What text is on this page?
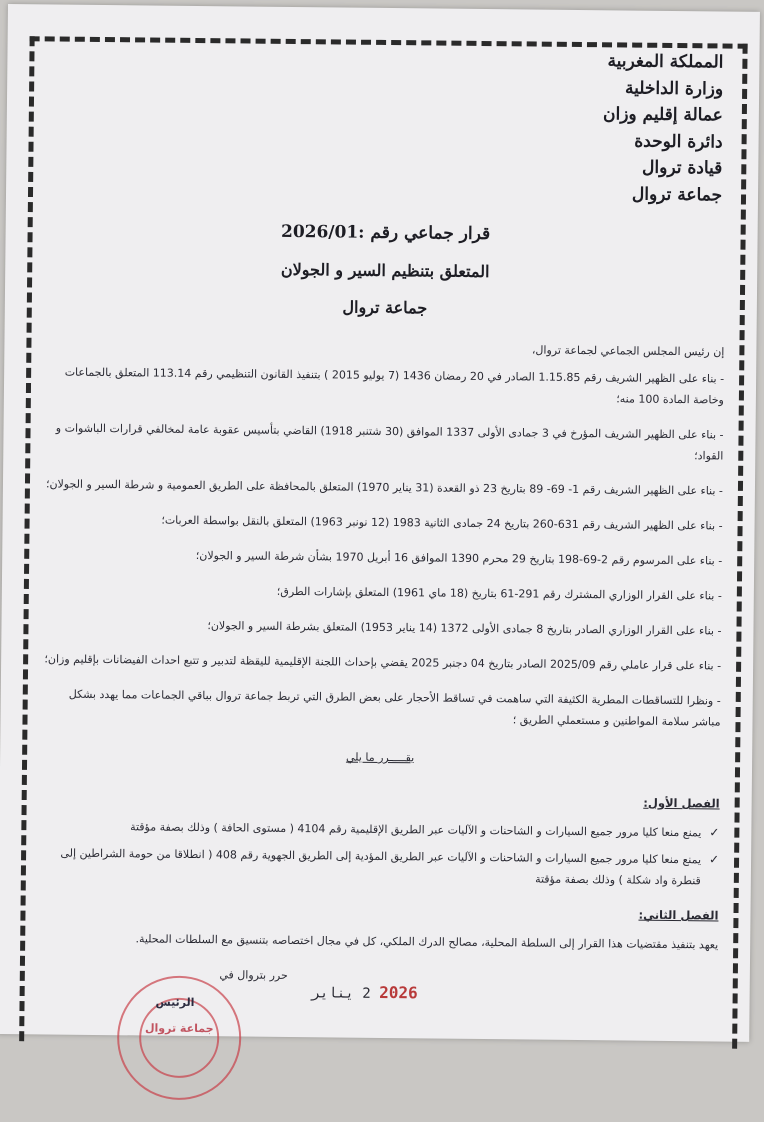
المملكة المغربية
وزارة الداخلية
عمالة إقليم وزان
دائرة الوحدة
قيادة تروال
جماعة تروال
قرار جماعي رقم :2026/01
المتعلق بتنظيم السير و الجولان
جماعة تروال
إن رئيس المجلس الجماعي لجماعة تروال،
- بناء على الظهير الشريف رقم 1.15.85 الصادر في 20 رمضان 1436 (7 يوليو 2015 ) بتنفيذ القانون التنظيمي رقم 113.14 المتعلق بالجماعات وخاصة المادة 100 منه؛
- بناء على الظهير الشريف المؤرخ في 3 جمادى الأولى 1337 الموافق (30 شتنبر 1918) القاضي بتأسيس عقوبة عامة لمخالفي قرارات الباشوات و القواد؛
- بناء على الظهير الشريف رقم 1- 69- 89 بتاريخ 23 ذو القعدة (31 يناير 1970) المتعلق بالمحافظة على الطريق العمومية و شرطة السير و الجولان؛
- بناء على الظهير الشريف رقم 631-260 بتاريخ 24 جمادى الثانية 1983 (12 نونبر 1963) المتعلق بالنقل بواسطة العربات؛
- بناء على المرسوم رقم 2-69-198 بتاريخ 29 محرم 1390 الموافق 16 أبريل 1970 بشأن شرطة السير و الجولان؛
- بناء على القرار الوزاري المشترك رقم 291-61 بتاريخ (18 ماي 1961) المتعلق بإشارات الطرق؛
- بناء على القرار الوزاري الصادر بتاريخ 8 جمادى الأولى 1372 (14 يناير 1953) المتعلق بشرطة السير و الجولان؛
- بناء على قرار عاملي رقم 2025/09 الصادر بتاريخ 04 دجنبر 2025 يقضي بإحداث اللجنة الإقليمية لليقظة لتدبير و تتبع احداث الفيضانات بإقليم وزان؛
- ونظرا للتساقطات المطرية الكثيفة التي ساهمت في تساقط الأحجار على بعض الطرق التي تربط جماعة تروال بباقي الجماعات مما يهدد بشكل مباشر سلامة المواطنين و مستعملي الطريق ؛
يقـــــرر ما يلي
الفصل الأول:
✓
يمنع منعا كليا مرور جميع السيارات و الشاحنات و الآليات عبر الطريق الإقليمية رقم 4104 ( مستوى الحافة ) وذلك بصفة مؤقتة
✓
يمنع منعا كليا مرور جميع السيارات و الشاحنات و الآليات عبر الطريق المؤدية إلى الطريق الجهوية رقم 408 ( انطلاقا من حومة الشراطين إلى قنطرة واد شكلة ) وذلك بصفة مؤقتة
الفصل الثاني:
يعهد بتنفيذ مقتضيات هذا القرار إلى السلطة المحلية، مصالح الدرك الملكي، كل في مجال اختصاصه بتنسيق مع السلطات المحلية.
حرر بتروال في
2026 2 يناير
جماعة تروال
الرئيس
